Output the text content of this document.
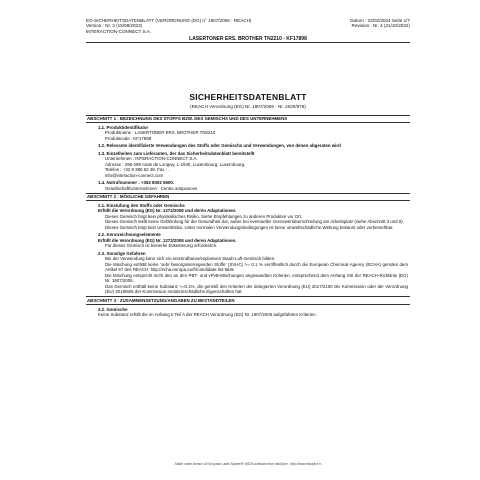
EG-SICHERHEITSDATENBLATT (VERORDNUNG (EG) n° 1907/2006 - REACH)
Version : Nr. 3 (15/08/2023)
INTERACTION-CONNECT S.A.
Datum : 23/02/2024 Seite 1/7
Revision : Nr. 4 (21/10/2022)
LASERTONER ERS. BROTHER TN2210 - KF17898
SICHERHEITSDATENBLATT
(REACH Verordnung (EG) Nr. 1907/2006 - Nr. 2020/878)
ABSCHNITT 1 : BEZEICHNUNG DES STOFFS BZW. DES GEMISCHS UND DES UNTERNEHMENS
1.1. Produktidentifikator
Produktname : LASERTONER ERS. BROTHER TN2210
Produktcode : KF17898
1.2. Relevante identifizierte Verwendungen des Stoffs oder Gemischs und Verwendungen, von denen abgeraten wird
1.3. Einzelheiten zum Lieferanten, der das Sicherheitsdatenblatt bereitstellt
Unternehmen : INTERACTION-CONNECT S.A.
Adresse : 296-298 route de Longwy, L-1940, Luxembourg, Luxembourg.
Telefon : +32 9 380 62 48. Fax : .
info@interaction-connect.com
1.4. Notrufnummer : +352 8002 5500.
Gesellschaft/Unternehmen : Centre antipoisons
ABSCHNITT 2 : MÖGLICHE GEFAHREN
2.1. Einstufung des Stoffs oder Gemischs
Erfüllt die Verordnung (EG) Nr. 1272/2008 und deren Adaptationen.
Dieses Gemisch birgt kein physikalisches Risiko. Siehe Empfehlungen zu anderen Produkten vor Ort.
Dieses Gemisch stellt keine Gefährdung für die Gesundheit dar, außer bei eventueller Grenzwertüberschreitung am Arbeitsplatz (siehe Abschnitt 3 und 8).
Dieses Gemisch birgt kein Umweltrisiko. Unter normalen Verwendungsbedingungen ist keine umweltschädliche Wirkung bekannt oder vorhersehbar.
2.2. Kennzeichnungselemente
Erfüllt die Verordnung (EG) Nr. 1272/2008 und deren Adaptationen.
Für dieses Gemisch ist keinerlei Etikettierung erforderlich.
2.3. Sonstige Gefahren
Bei der Verwendung kann sich ein entzündbares/explosives Staub-Luft-Gemisch bilden.
Die Mischung enthält keine 'sehr besorgniserregenden Stoffe' (SVHC) >= 0.1 % veröffentlich durch die European Chemical Agency (ECHA) gemäss dem Artikel 57 des REACH: http://echa.europa.eu/fr/candidate-list-table
Die Mischung entspricht nicht den an den PBT- und vPvB-Mischungen angewandten Kriterien, entsprechend dem Anhang XIII der REACH-Richtlinie (EG) Nr. 1907/2006.
Das Gemisch enthält keine Substanz >=0.1%, die gemäß den Kriterien der delegierten Verordnung (EU) 2017/2100 der Kommission oder der Verordnung (EU) 2018/605 der Kommission endokrinschädliche Eigenschaften hat.
ABSCHNITT 3 : ZUSAMMENSETZUNG/ANGABEN ZU BESTANDTEILEN
3.2. Gemische
Keine Substanz erfüllt die im Anhang II Teil A der REACH Verordnung (EG) Nr. 1907/2006 aufgeführten Kriterien.
- Made under licence of European Label System® MSDS software from InfoDyne - http://www.infodyne.fr -
